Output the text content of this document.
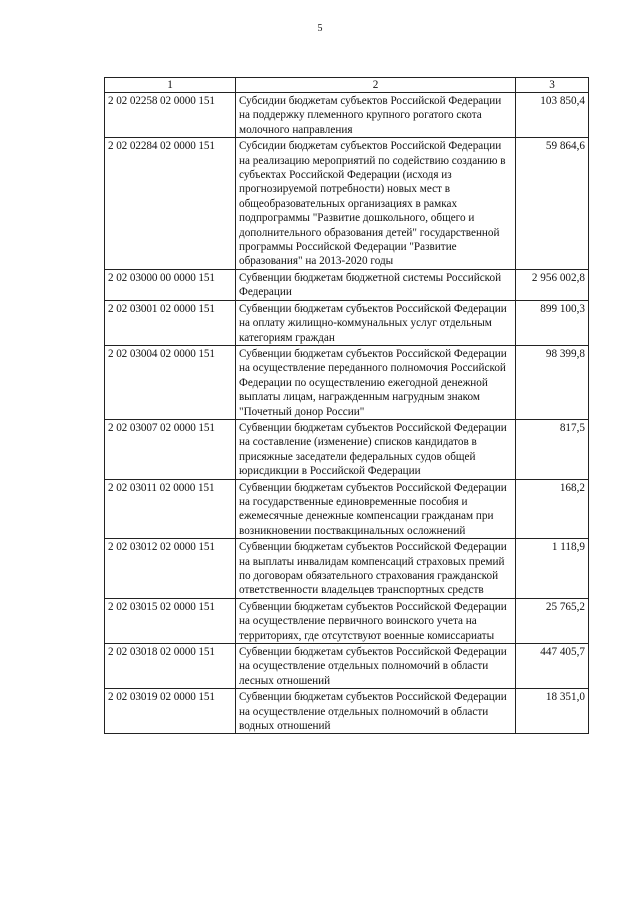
5
1	2	3
2 02 02258 02 0000 151	Субсидии бюджетам субъектов Российской Федерации на поддержку племенного крупного рогатого скота молочного направления	103 850,4
2 02 02284 02 0000 151	Субсидии бюджетам субъектов Российской Федерации на реализацию мероприятий по содействию созданию в субъектах Российской Федерации (исходя из прогнозируемой потребности) новых мест в общеобразовательных организациях в рамках подпрограммы "Развитие дошкольного, общего и дополнительного образования детей" государственной программы Российской Федерации "Развитие образования" на 2013-2020 годы	59 864,6
2 02 03000 00 0000 151	Субвенции бюджетам бюджетной системы Российской Федерации	2 956 002,8
2 02 03001 02 0000 151	Субвенции бюджетам субъектов Российской Федерации на оплату жилищно-коммунальных услуг отдельным категориям граждан	899 100,3
2 02 03004 02 0000 151	Субвенции бюджетам субъектов Российской Федерации на осуществление переданного полномочия Российской Федерации по осуществлению ежегодной денежной выплаты лицам, награжденным нагрудным знаком "Почетный донор России"	98 399,8
2 02 03007 02 0000 151	Субвенции бюджетам субъектов Российской Федерации на составление (изменение) списков кандидатов в присяжные заседатели федеральных судов общей юрисдикции в Российской Федерации	817,5
2 02 03011 02 0000 151	Субвенции бюджетам субъектов Российской Федерации на государственные единовременные пособия и ежемесячные денежные компенсации гражданам при возникновении поствакцинальных осложнений	168,2
2 02 03012 02 0000 151	Субвенции бюджетам субъектов Российской Федерации на выплаты инвалидам компенсаций страховых премий по договорам обязательного страхования гражданской ответственности владельцев транспортных средств	1 118,9
2 02 03015 02 0000 151	Субвенции бюджетам субъектов Российской Федерации на осуществление первичного воинского учета на территориях, где отсутствуют военные комиссариаты	25 765,2
2 02 03018 02 0000 151	Субвенции бюджетам субъектов Российской Федерации на осуществление отдельных полномочий в области лесных отношений	447 405,7
2 02 03019 02 0000 151	Субвенции бюджетам субъектов Российской Федерации на осуществление отдельных полномочий в области водных отношений	18 351,0
